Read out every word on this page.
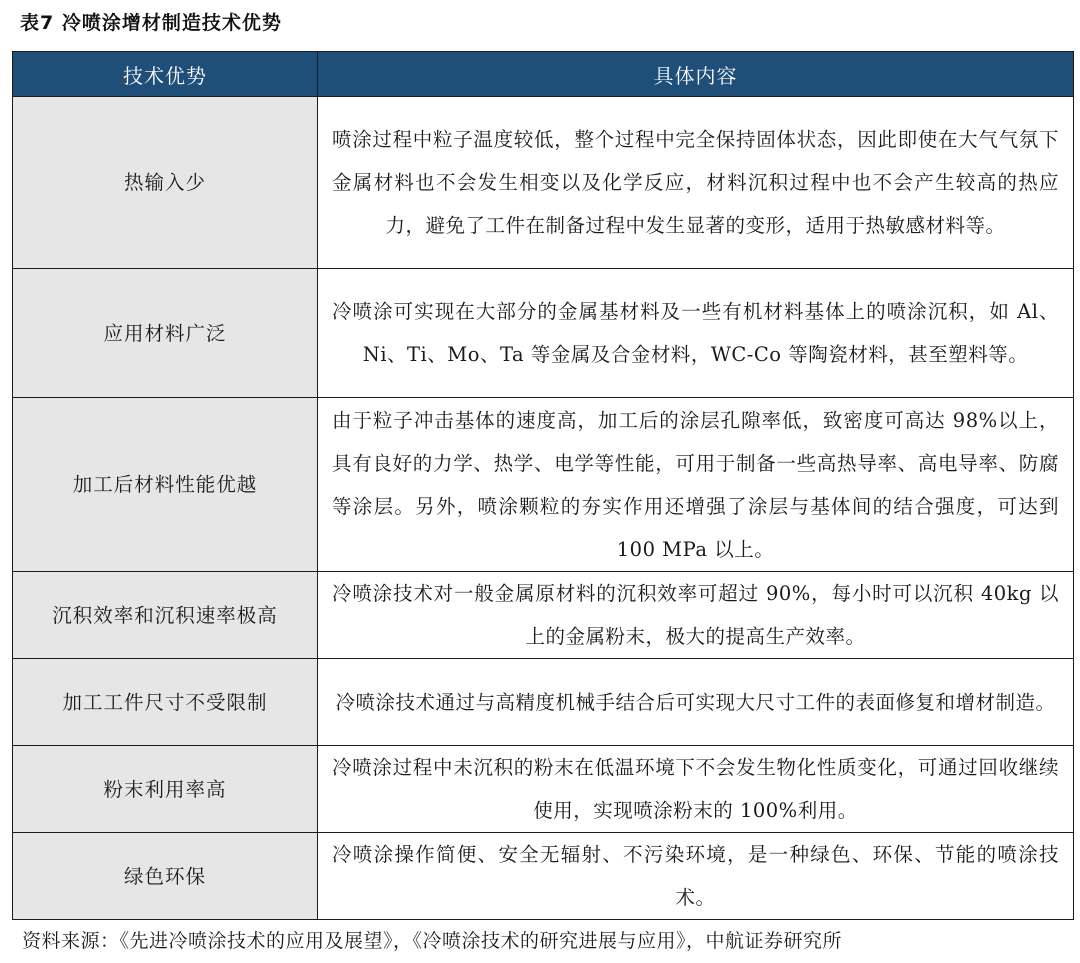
表7 冷喷涂增材制造技术优势
技术优势	具体内容
热输入少	喷涂过程中粒子温度较低，整个过程中完全保持固体状态，因此即使在大气气氛下金属材料也不会发生相变以及化学反应，材料沉积过程中也不会产生较高的热应力，避免了工件在制备过程中发生显著的变形，适用于热敏感材料等。
应用材料广泛	冷喷涂可实现在大部分的金属基材料及一些有机材料基体上的喷涂沉积，如 Al、Ni、Ti、Mo、Ta 等金属及合金材料，WC-Co 等陶瓷材料，甚至塑料等。
加工后材料性能优越	由于粒子冲击基体的速度高，加工后的涂层孔隙率低，致密度可高达 98%以上，具有良好的力学、热学、电学等性能，可用于制备一些高热导率、高电导率、防腐等涂层。另外，喷涂颗粒的夯实作用还增强了涂层与基体间的结合强度，可达到 100 MPa 以上。
沉积效率和沉积速率极高	冷喷涂技术对一般金属原材料的沉积效率可超过 90%，每小时可以沉积 40kg 以上的金属粉末，极大的提高生产效率。
加工工件尺寸不受限制	冷喷涂技术通过与高精度机械手结合后可实现大尺寸工件的表面修复和增材制造。
粉末利用率高	冷喷涂过程中未沉积的粉末在低温环境下不会发生物化性质变化，可通过回收继续使用，实现喷涂粉末的 100%利用。
绿色环保	冷喷涂操作简便、安全无辐射、不污染环境，是一种绿色、环保、节能的喷涂技术。
资料来源：《先进冷喷涂技术的应用及展望》，《冷喷涂技术的研究进展与应用》，中航证券研究所
